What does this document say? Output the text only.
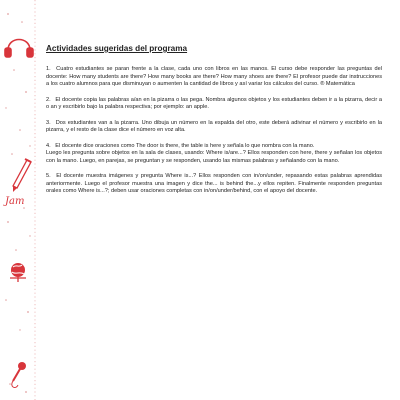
Jam

Actividades sugeridas del programa

1. Cuatro estudiantes se paran frente a la clase, cada uno con libros en las manos. El curso debe responder las preguntas del docente: How many students are there? How many books are there? How many shoes are there? El profesor puede dar instrucciones a los cuatro alumnos para que disminuyan o aumenten la cantidad de libros y así variar los cálculos del curso. ® Matemática

2. El docente copia las palabras a/an en la pizarra o las pega. Nombra algunos objetos y los estudiantes deben ir a la pizarra, decir a o an y escribirlo bajo la palabra respectiva; por ejemplo: an apple.

3. Dos estudiantes van a la pizarra. Uno dibuja un número en la espalda del otro, este deberá adivinar el número y escribirlo en la pizarra, y el resto de la clase dice el número en voz alta.

4. El docente dice oraciones como The door is there, the table is here y señala lo que nombra con la mano.
Luego les pregunta sobre objetos en la sala de clases, usando: Where is/are...? Ellos responden con here, there y señalan los objetos con la mano. Luego, en parejas, se preguntan y se responden, usando las mismas palabras y señalando con la mano.

5. El docente muestra imágenes y pregunta Where is...? Ellos responden con in/on/under, repasando estas palabras aprendidas anteriormente. Luego el profesor muestra una imagen y dice the... is behind the...y ellos repiten. Finalmente responden preguntas orales como Where is...?; deben usar oraciones completas con in/on/under/behind, con el apoyo del docente.
